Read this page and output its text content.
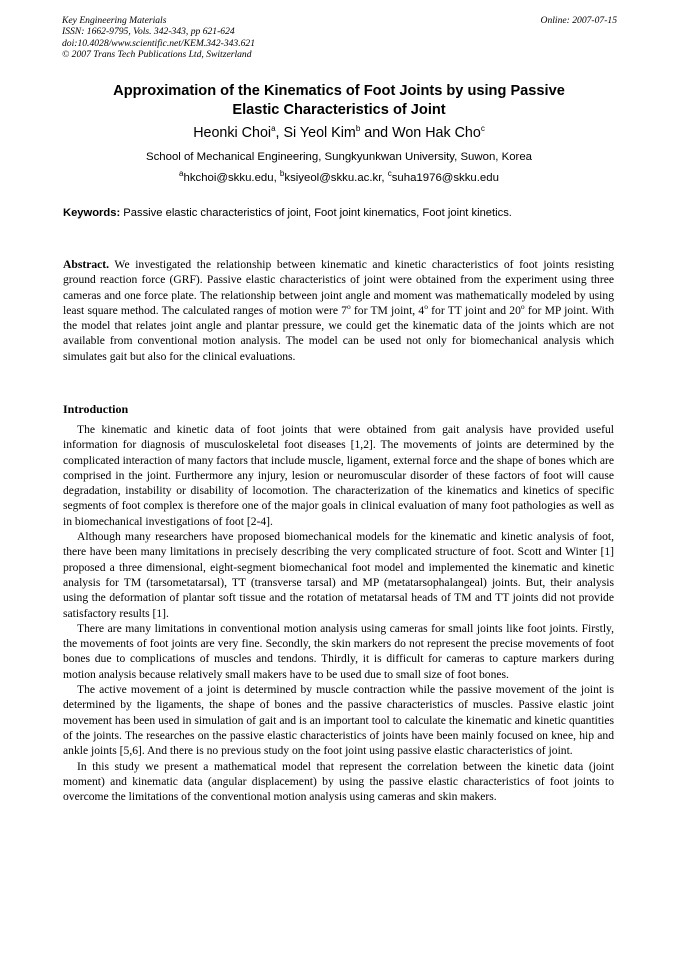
Key Engineering Materials
ISSN: 1662-9795, Vols. 342-343, pp 621-624
doi:10.4028/www.scientific.net/KEM.342-343.621
© 2007 Trans Tech Publications Ltd, Switzerland
Online: 2007-07-15
Approximation of the Kinematics of Foot Joints by using Passive
Elastic Characteristics of Joint
Heonki Choi$^a$, Si Yeol Kim$^b$ and Won Hak Cho$^c$
School of Mechanical Engineering, Sungkyunkwan University, Suwon, Korea
$^a$hkchoi@skku.edu, $^b$ksiyeol@skku.ac.kr, $^c$suha1976@skku.edu
Keywords: Passive elastic characteristics of joint, Foot joint kinematics, Foot joint kinetics.
Abstract. We investigated the relationship between kinematic and kinetic characteristics of foot joints resisting ground reaction force (GRF). Passive elastic characteristics of joint were obtained from the experiment using three cameras and one force plate. The relationship between joint angle and moment was mathematically modeled by using least square method. The calculated ranges of motion were 7$^o$ for TM joint, 4$^o$ for TT joint and 20$^o$ for MP joint. With the model that relates joint angle and plantar pressure, we could get the kinematic data of the joints which are not available from conventional motion analysis. The model can be used not only for biomechanical analysis which simulates gait but also for the clinical evaluations.
Introduction

The kinematic and kinetic data of foot joints that were obtained from gait analysis have provided useful information for diagnosis of musculoskeletal foot diseases [1,2]. The movements of joints are determined by the complicated interaction of many factors that include muscle, ligament, external force and the shape of bones which are comprised in the joint. Furthermore any injury, lesion or neuromuscular disorder of these factors of foot will cause degradation, instability or disability of locomotion. The characterization of the kinematics and kinetics of specific segments of foot complex is therefore one of the major goals in clinical evaluation of many foot pathologies as well as in biomechanical investigations of foot [2-4].

Although many researchers have proposed biomechanical models for the kinematic and kinetic analysis of foot, there have been many limitations in precisely describing the very complicated structure of foot. Scott and Winter [1] proposed a three dimensional, eight-segment biomechanical foot model and implemented the kinematic and kinetic analysis for TM (tarsometatarsal), TT (transverse tarsal) and MP (metatarsophalangeal) joints. But, their analysis using the deformation of plantar soft tissue and the rotation of metatarsal heads of TM and TT joints did not provide satisfactory results [1].

There are many limitations in conventional motion analysis using cameras for small joints like foot joints. Firstly, the movements of foot joints are very fine. Secondly, the skin markers do not represent the precise movements of foot bones due to complications of muscles and tendons. Thirdly, it is difficult for cameras to capture markers during motion analysis because relatively small makers have to be used due to small size of foot bones.

The active movement of a joint is determined by muscle contraction while the passive movement of the joint is determined by the ligaments, the shape of bones and the passive characteristics of muscles. Passive elastic joint movement has been used in simulation of gait and is an important tool to calculate the kinematic and kinetic quantities of the joints. The researches on the passive elastic characteristics of joints have been mainly focused on knee, hip and ankle joints [5,6]. And there is no previous study on the foot joint using passive elastic characteristics of joint.

In this study we present a mathematical model that represent the correlation between the kinetic data (joint moment) and kinematic data (angular displacement) by using the passive elastic characteristics of foot joints to overcome the limitations of the conventional motion analysis using cameras and skin makers.
